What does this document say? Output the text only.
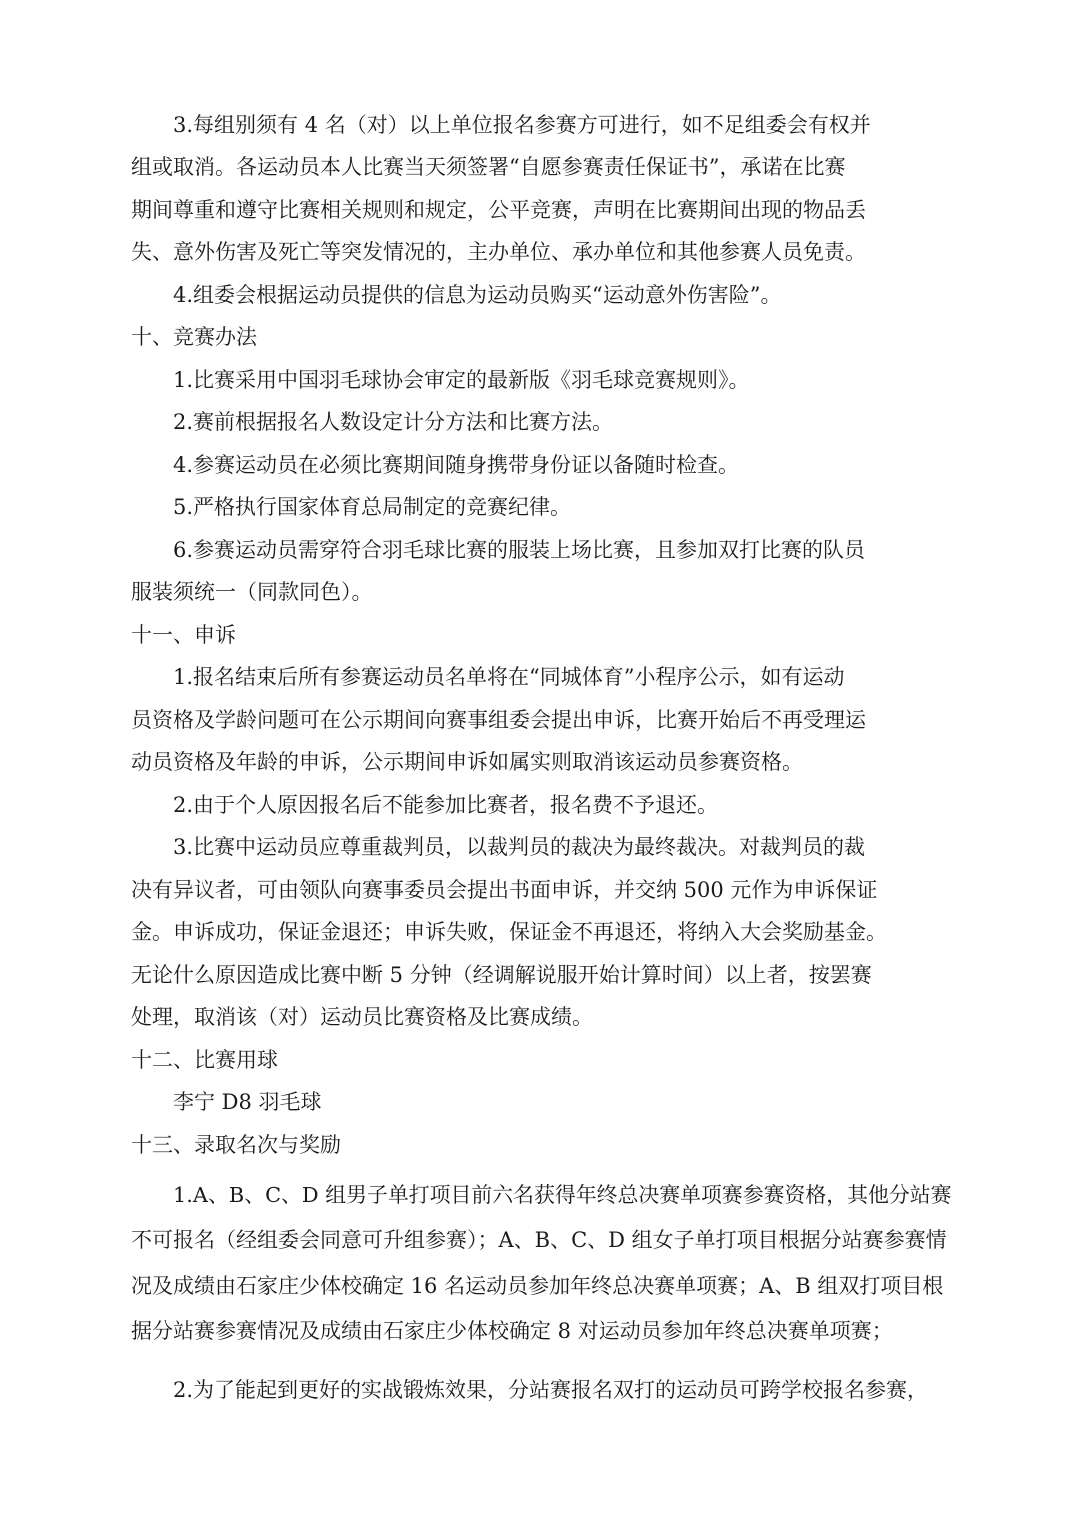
3.每组别须有 4 名（对）以上单位报名参赛方可进行，如不足组委会有权并

组或取消。各运动员本人比赛当天须签署“自愿参赛责任保证书”，承诺在比赛

期间尊重和遵守比赛相关规则和规定，公平竞赛，声明在比赛期间出现的物品丢

失、意外伤害及死亡等突发情况的，主办单位、承办单位和其他参赛人员免责。

4.组委会根据运动员提供的信息为运动员购买“运动意外伤害险”。

十、竞赛办法

1.比赛采用中国羽毛球协会审定的最新版《羽毛球竞赛规则》。

2.赛前根据报名人数设定计分方法和比赛方法。

4.参赛运动员在必须比赛期间随身携带身份证以备随时检查。

5.严格执行国家体育总局制定的竞赛纪律。

6.参赛运动员需穿符合羽毛球比赛的服装上场比赛，且参加双打比赛的队员

服装须统一（同款同色）。

十一、申诉

1.报名结束后所有参赛运动员名单将在“同城体育”小程序公示，如有运动

员资格及学龄问题可在公示期间向赛事组委会提出申诉，比赛开始后不再受理运

动员资格及年龄的申诉，公示期间申诉如属实则取消该运动员参赛资格。

2.由于个人原因报名后不能参加比赛者，报名费不予退还。

3.比赛中运动员应尊重裁判员，以裁判员的裁决为最终裁决。对裁判员的裁

决有异议者，可由领队向赛事委员会提出书面申诉，并交纳 500 元作为申诉保证

金。申诉成功，保证金退还；申诉失败，保证金不再退还，将纳入大会奖励基金。

无论什么原因造成比赛中断 5 分钟（经调解说服开始计算时间）以上者，按罢赛

处理，取消该（对）运动员比赛资格及比赛成绩。

十二、比赛用球

李宁 D8 羽毛球

十三、录取名次与奖励

1.A、B、C、D 组男子单打项目前六名获得年终总决赛单项赛参赛资格，其他分站赛

不可报名（经组委会同意可升组参赛）；A、B、C、D 组女子单打项目根据分站赛参赛情

况及成绩由石家庄少体校确定 16 名运动员参加年终总决赛单项赛；A、B 组双打项目根

据分站赛参赛情况及成绩由石家庄少体校确定 8 对运动员参加年终总决赛单项赛；

2.为了能起到更好的实战锻炼效果，分站赛报名双打的运动员可跨学校报名参赛，
